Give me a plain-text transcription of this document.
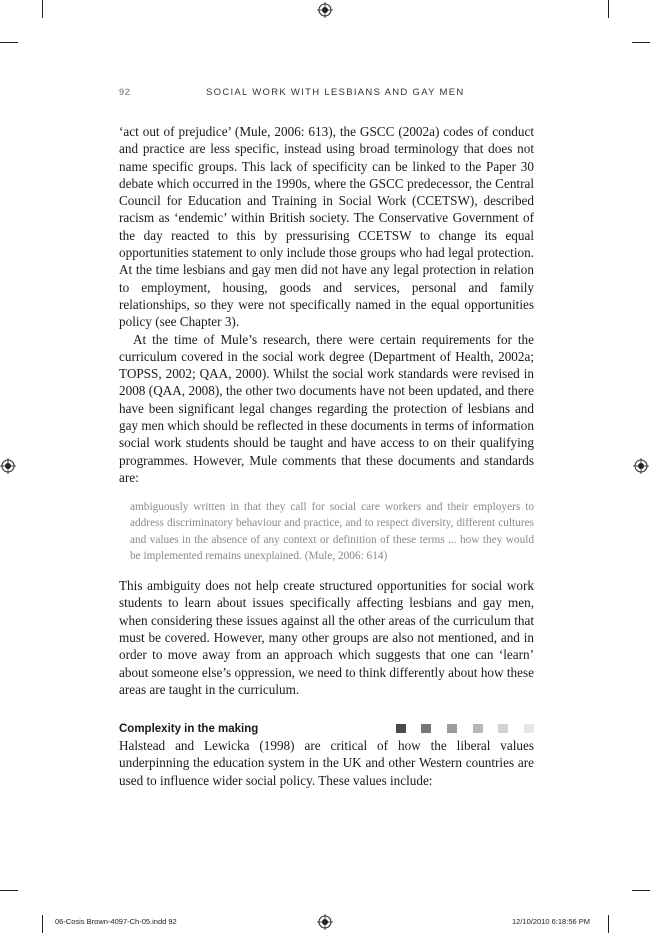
92	SOCIAL WORK WITH LESBIANS AND GAY MEN

‘act out of prejudice’ (Mule, 2006: 613), the GSCC (2002a) codes of conduct and practice are less specific, instead using broad terminology that does not name specific groups. This lack of specificity can be linked to the Paper 30 debate which occurred in the 1990s, where the GSCC predecessor, the Central Council for Education and Training in Social Work (CCETSW), described racism as ‘endemic’ within British society. The Conservative Government of the day reacted to this by pressurising CCETSW to change its equal opportunities statement to only include those groups who had legal protection. At the time lesbians and gay men did not have any legal protection in relation to employment, housing, goods and services, personal and family relationships, so they were not specifically named in the equal opportunities policy (see Chapter 3).

At the time of Mule’s research, there were certain requirements for the curriculum covered in the social work degree (Department of Health, 2002a; TOPSS, 2002; QAA, 2000). Whilst the social work standards were revised in 2008 (QAA, 2008), the other two documents have not been updated, and there have been significant legal changes regarding the protection of lesbians and gay men which should be reflected in these documents in terms of information social work students should be taught and have access to on their qualifying programmes. However, Mule comments that these documents and standards are:

ambiguously written in that they call for social care workers and their employers to address discriminatory behaviour and practice, and to respect diversity, different cultures and values in the absence of any context or definition of these terms ... how they would be implemented remains unexplained. (Mule, 2006: 614)

This ambiguity does not help create structured opportunities for social work students to learn about issues specifically affecting lesbians and gay men, when considering these issues against all the other areas of the curriculum that must be covered. However, many other groups are also not mentioned, and in order to move away from an approach which suggests that one can ‘learn’ about someone else’s oppression, we need to think differently about how these areas are taught in the curriculum.

Complexity in the making

Halstead and Lewicka (1998) are critical of how the liberal values underpinning the education system in the UK and other Western countries are used to influence wider social policy. These values include:

06-Cosis Brown-4097-Ch-05.indd 92	12/10/2010 6:18:56 PM
